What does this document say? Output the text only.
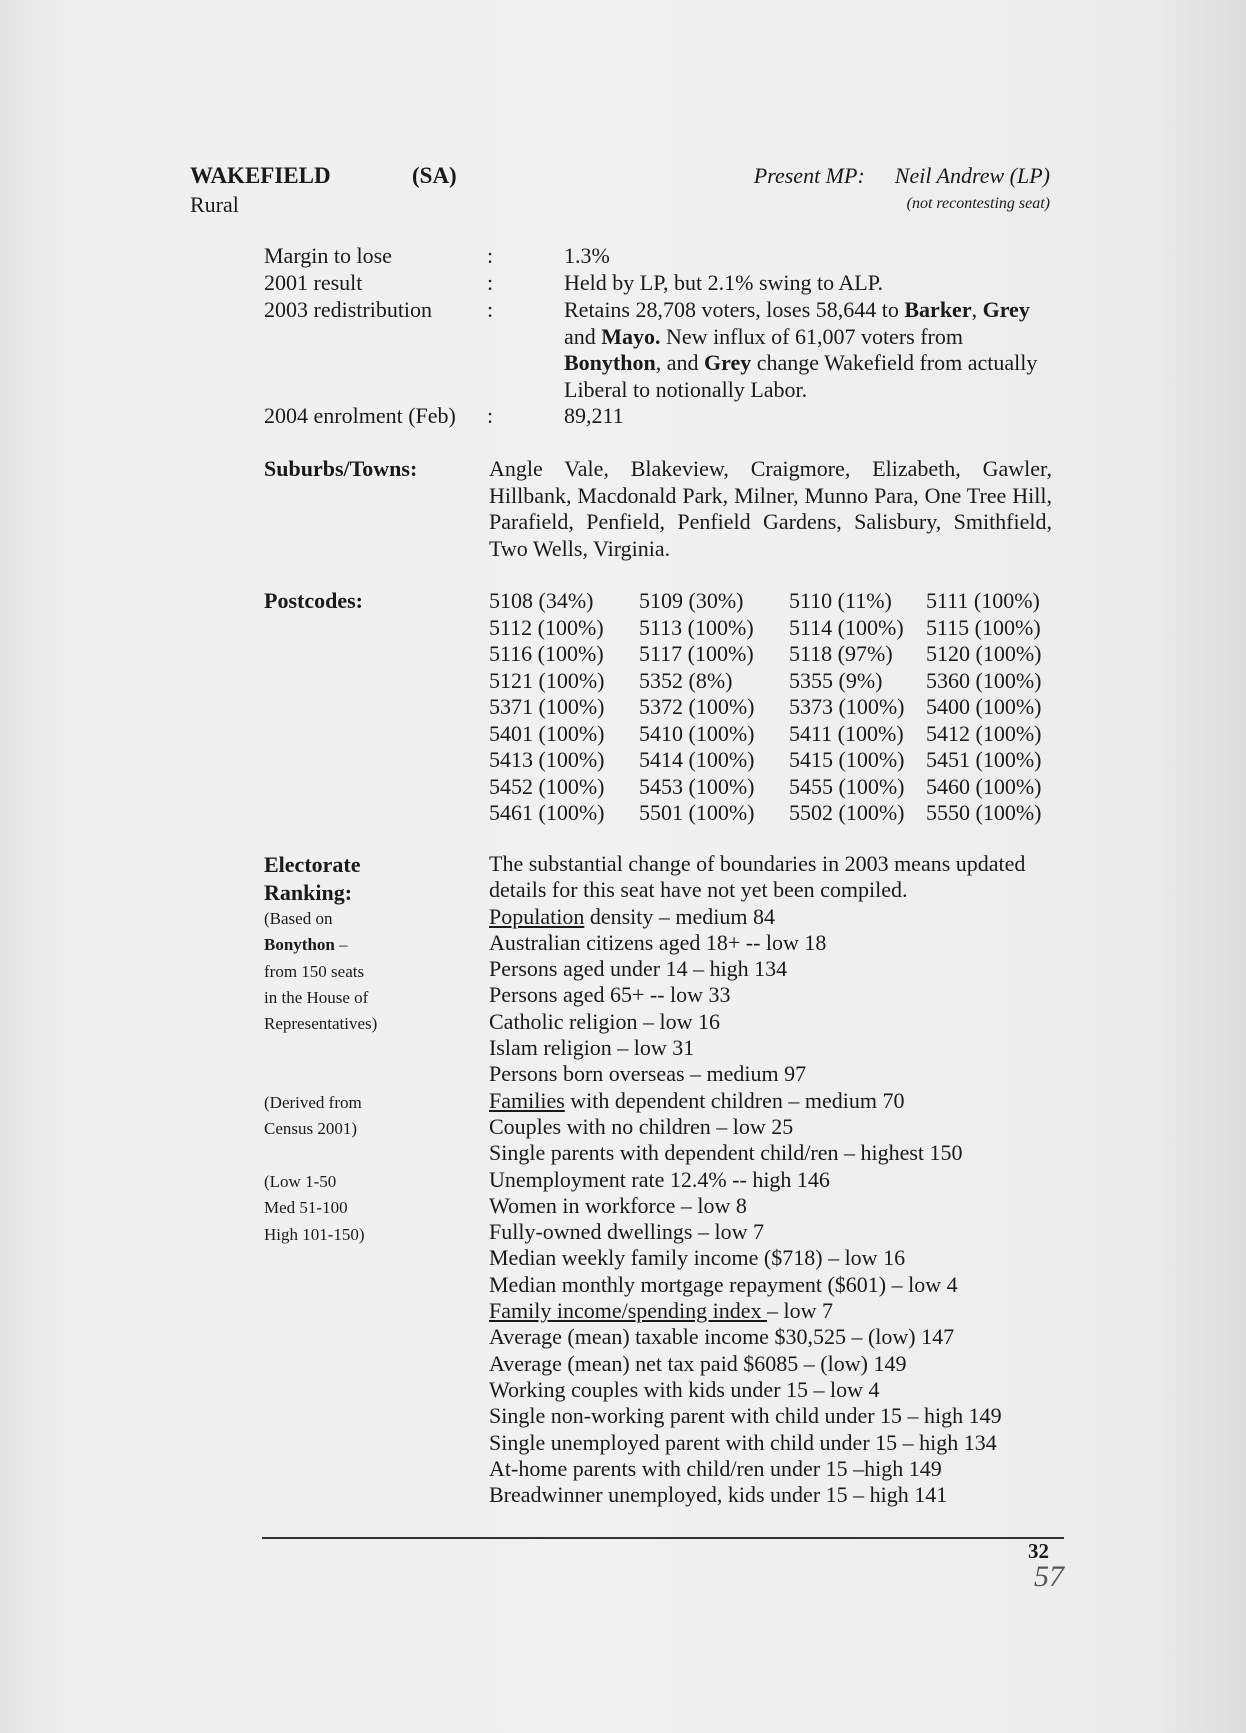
WAKEFIELD	(SA)
Rural
Present MP: Neil Andrew (LP)
(not recontesting seat)
Margin to lose	:	1.3%
2001 result	:	Held by LP, but 2.1% swing to ALP.
2003 redistribution :	Retains 28,708 voters, loses 58,644 to Barker, Grey and Mayo. New influx of 61,007 voters from Bonython, and Grey change Wakefield from actually Liberal to notionally Labor.
2004 enrolment (Feb) :	89,211
Suburbs/Towns:	Angle Vale, Blakeview, Craigmore, Elizabeth, Gawler, Hillbank, Macdonald Park, Milner, Munno Para, One Tree Hill, Parafield, Penfield, Penfield Gardens, Salisbury, Smithfield, Two Wells, Virginia.
Postcodes:	5108 (34%)	5109 (30%)	5110 (11%)	5111 (100%)
5112 (100%)	5113 (100%)	5114 (100%)	5115 (100%)
5116 (100%)	5117 (100%)	5118 (97%)	5120 (100%)
5121 (100%)	5352 (8%)	5355 (9%)	5360 (100%)
5371 (100%)	5372 (100%)	5373 (100%) 5400 (100%)
5401 (100%)	5410 (100%)	5411 (100%)	5412 (100%)
5413 (100%)	5414 (100%)	5415 (100%) 5451 (100%)
5452 (100%)	5453 (100%)	5455 (100%) 5460 (100%)
5461 (100%)	5501 (100%)	5502 (100%) 5550 (100%)
Electorate
Ranking:
(Based on
Bonython –
from 150 seats
in the House of
Representatives)
(Derived from
Census 2001)
(Low 1-50
Med 51-100
High 101-150)
The substantial change of boundaries in 2003 means updated
details for this seat have not yet been compiled.
Population density – medium 84
Australian citizens aged 18+ -- low 18
Persons aged under 14 – high 134
Persons aged 65+ -- low 33
Catholic religion – low 16
Islam religion – low 31
Persons born overseas – medium 97
Families with dependent children – medium 70
Couples with no children – low 25
Single parents with dependent child/ren – highest 150
Unemployment rate 12.4% -- high 146
Women in workforce – low 8
Fully-owned dwellings – low 7
Median weekly family income ($718) – low 16
Median monthly mortgage repayment ($601) – low 4
Family income/spending index – low 7
Average (mean) taxable income $30,525 – (low) 147
Average (mean) net tax paid $6085 – (low) 149
Working couples with kids under 15 – low 4
Single non-working parent with child under 15 – high 149
Single unemployed parent with child under 15 – high 134
At-home parents with child/ren under 15 –high 149
Breadwinner unemployed, kids under 15 – high 141
32
57
